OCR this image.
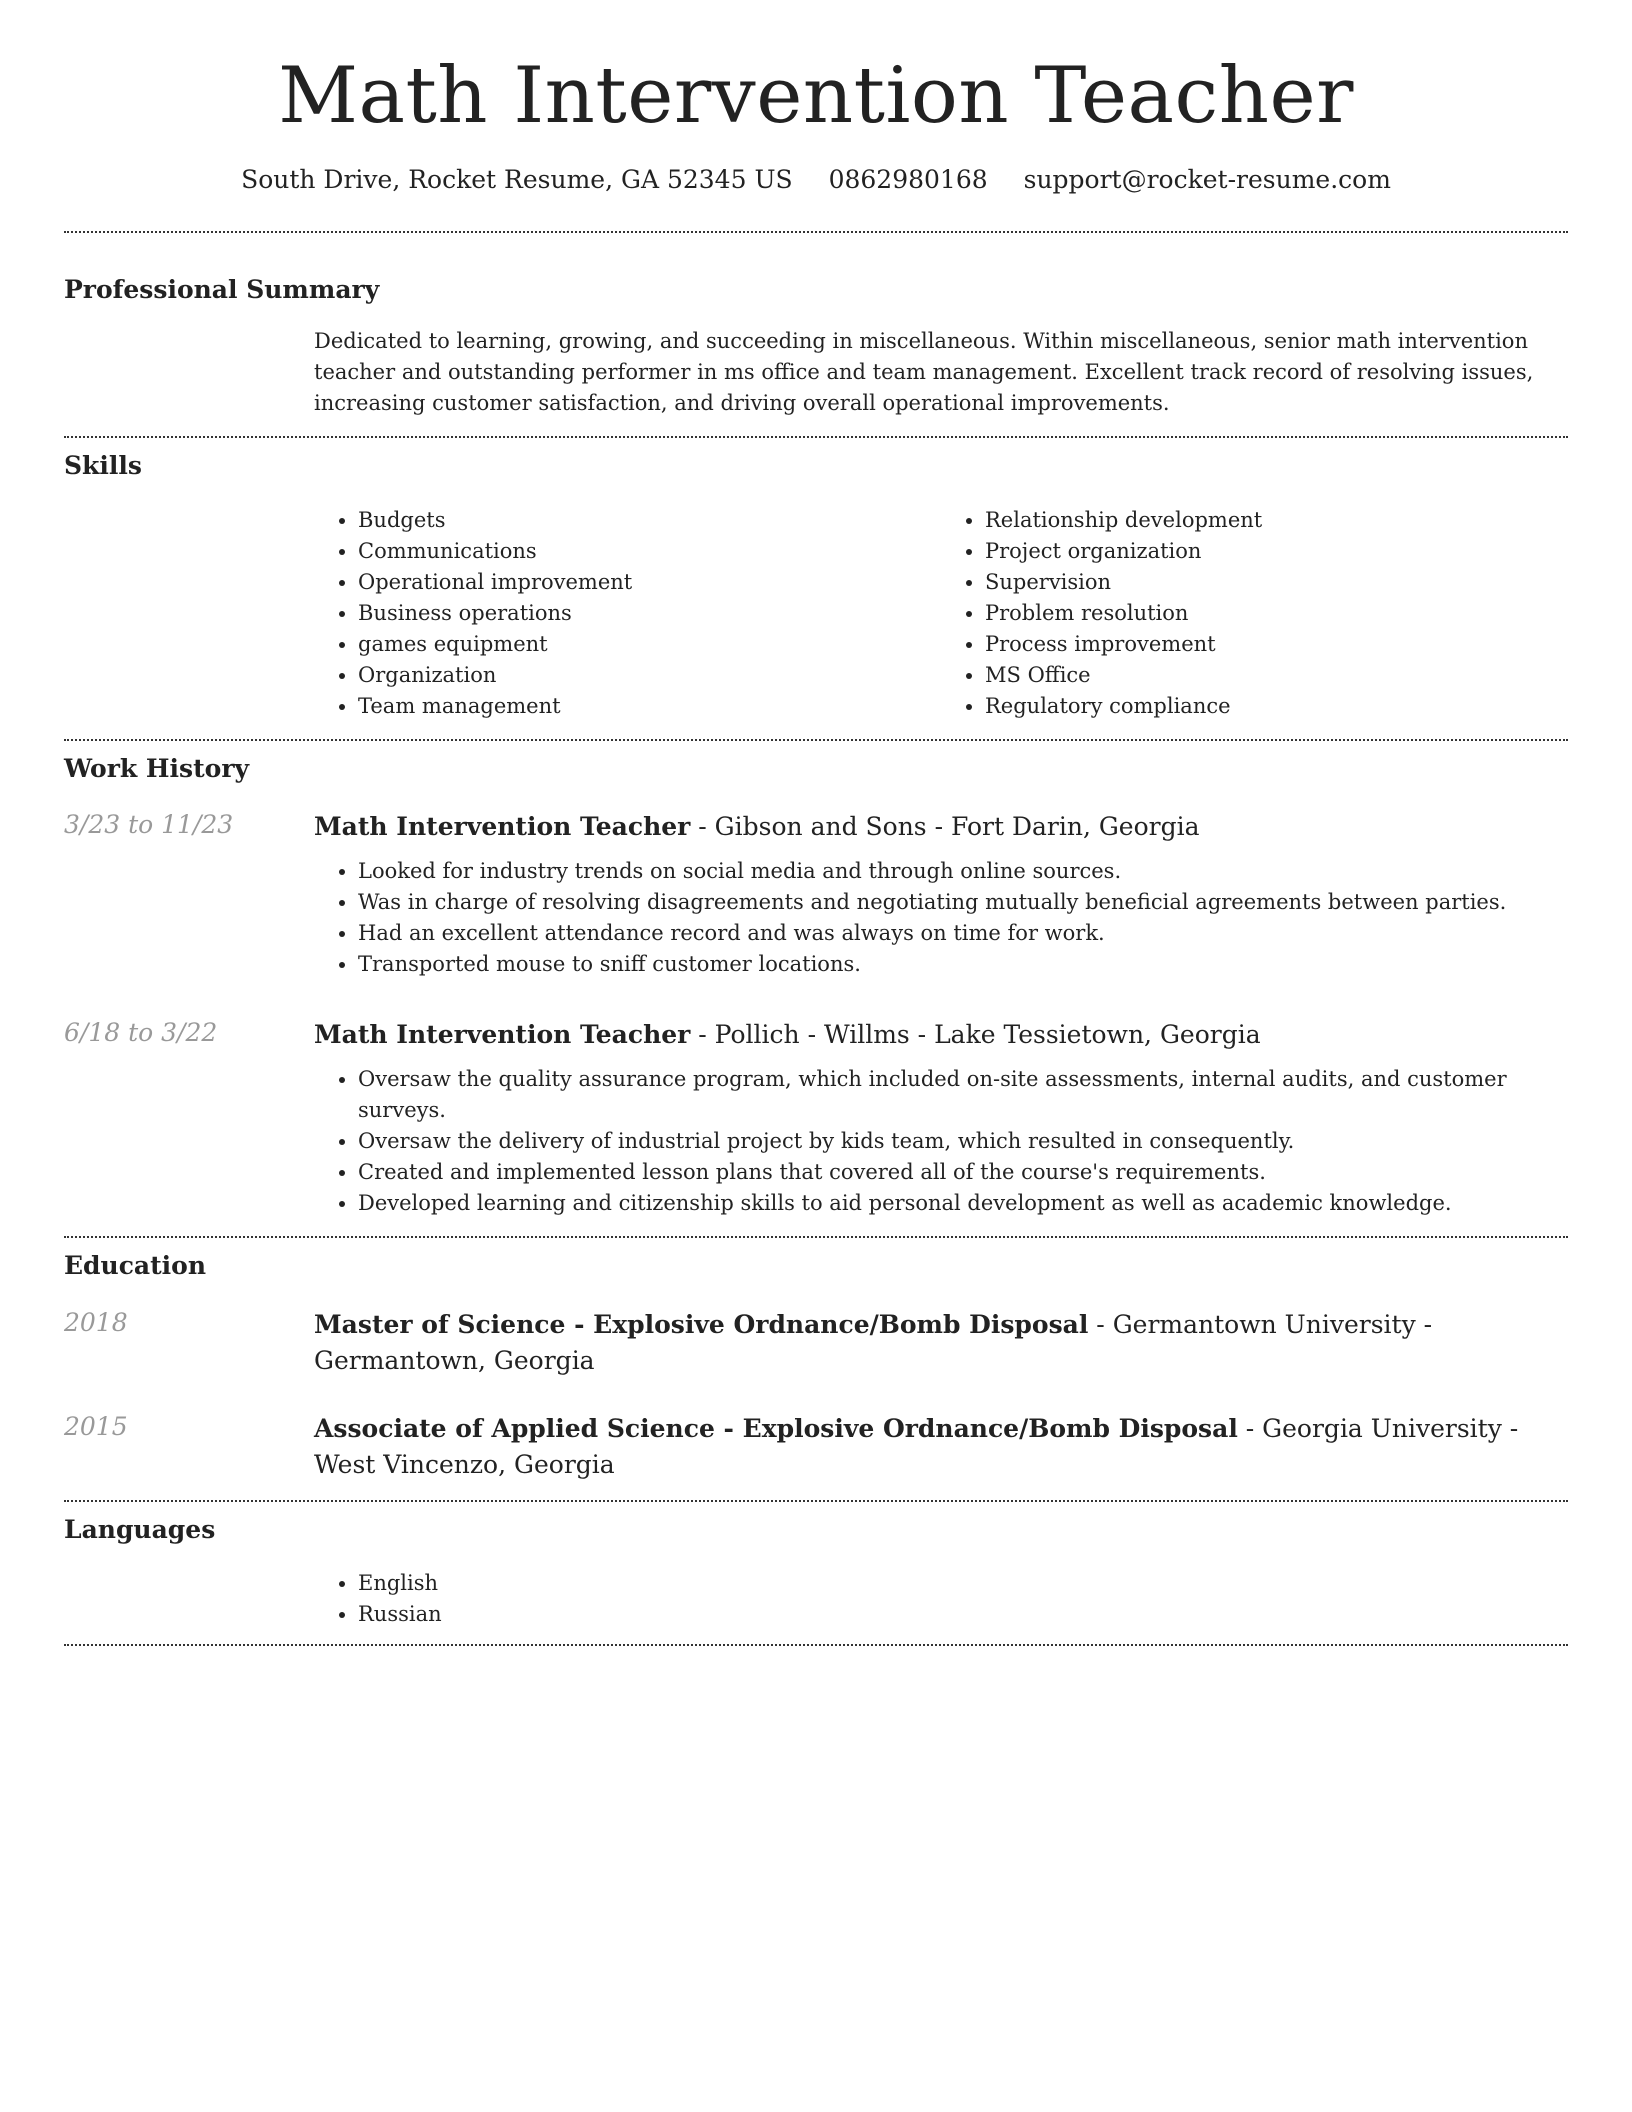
Math Intervention Teacher
South Drive, Rocket Resume, GA 52345 US 0862980168 support@rocket-resume.com
Professional Summary

Dedicated to learning, growing, and succeeding in miscellaneous. Within miscellaneous, senior math intervention teacher and outstanding performer in ms office and team management. Excellent track record of resolving issues, increasing customer satisfaction, and driving overall operational improvements.

Skills
• Budgets
• Communications
• Operational improvement
• Business operations
• games equipment
• Organization
• Team management
• Relationship development
• Project organization
• Supervision
• Problem resolution
• Process improvement
• MS Office
• Regulatory compliance
Work History
3/23 to 11/23	Math Intervention Teacher - Gibson and Sons - Fort Darin, Georgia

• Looked for industry trends on social media and through online sources.
• Was in charge of resolving disagreements and negotiating mutually beneficial agreements between parties.
• Had an excellent attendance record and was always on time for work.
• Transported mouse to sniff customer locations.
6/18 to 3/22	Math Intervention Teacher - Pollich - Willms - Lake Tessietown, Georgia

• Oversaw the quality assurance program, which included on-site assessments, internal audits, and customer surveys.
• Oversaw the delivery of industrial project by kids team, which resulted in consequently.
• Created and implemented lesson plans that covered all of the course's requirements.
• Developed learning and citizenship skills to aid personal development as well as academic knowledge.
Education
2018	Master of Science - Explosive Ordnance/Bomb Disposal - Germantown University - Germantown, Georgia

2015	Associate of Applied Science - Explosive Ordnance/Bomb Disposal - Georgia University - West Vincenzo, Georgia

Languages
• English
• Russian
